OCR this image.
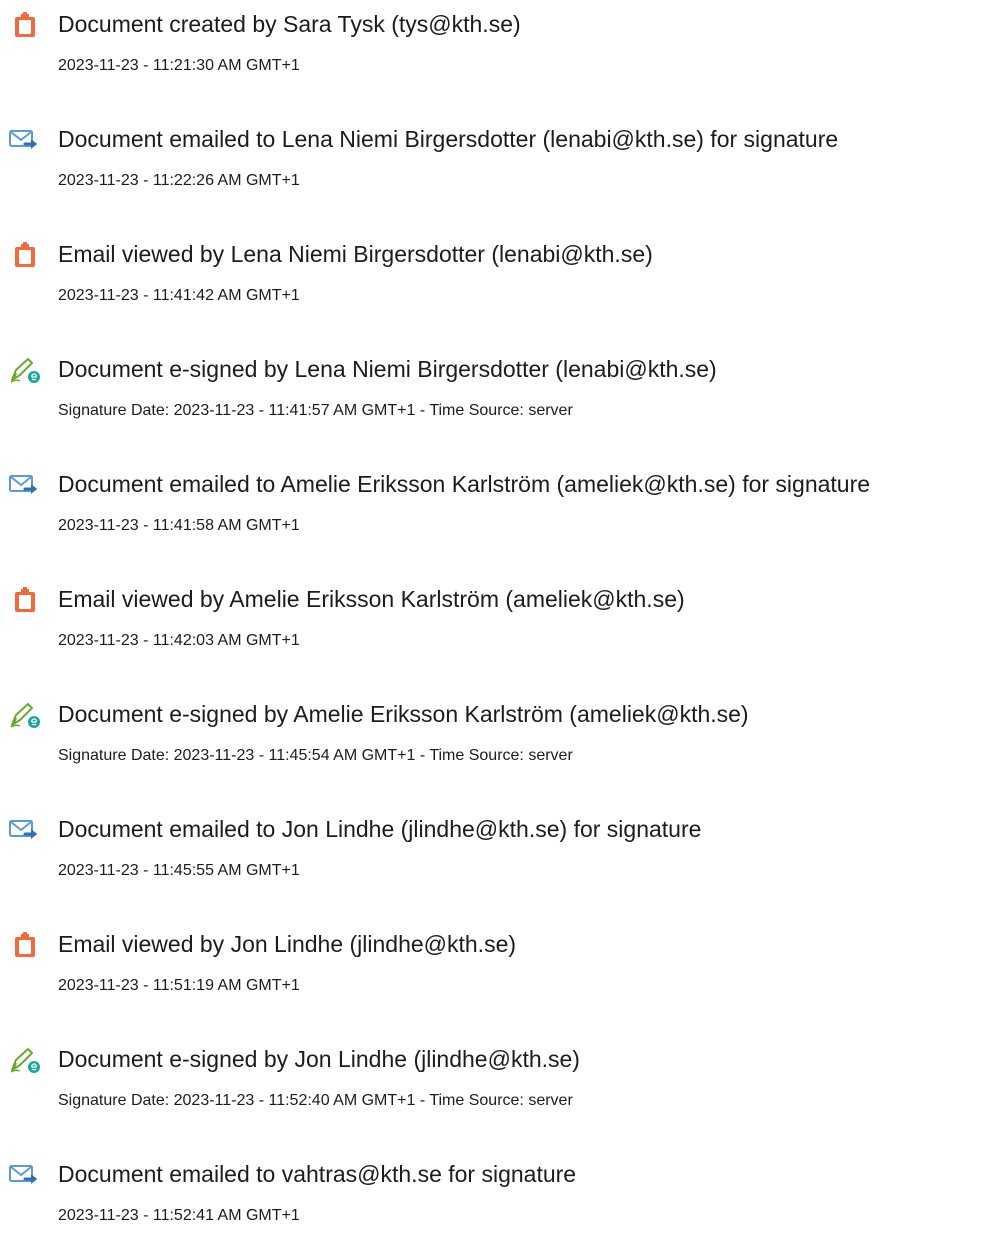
Document created by Sara Tysk (tys@kth.se)
2023-11-23 - 11:21:30 AM GMT+1
Document emailed to Lena Niemi Birgersdotter (lenabi@kth.se) for signature
2023-11-23 - 11:22:26 AM GMT+1
Email viewed by Lena Niemi Birgersdotter (lenabi@kth.se)
2023-11-23 - 11:41:42 AM GMT+1
Document e-signed by Lena Niemi Birgersdotter (lenabi@kth.se)
Signature Date: 2023-11-23 - 11:41:57 AM GMT+1 - Time Source: server
Document emailed to Amelie Eriksson Karlström (ameliek@kth.se) for signature
2023-11-23 - 11:41:58 AM GMT+1
Email viewed by Amelie Eriksson Karlström (ameliek@kth.se)
2023-11-23 - 11:42:03 AM GMT+1
Document e-signed by Amelie Eriksson Karlström (ameliek@kth.se)
Signature Date: 2023-11-23 - 11:45:54 AM GMT+1 - Time Source: server
Document emailed to Jon Lindhe (jlindhe@kth.se) for signature
2023-11-23 - 11:45:55 AM GMT+1
Email viewed by Jon Lindhe (jlindhe@kth.se)
2023-11-23 - 11:51:19 AM GMT+1
Document e-signed by Jon Lindhe (jlindhe@kth.se)
Signature Date: 2023-11-23 - 11:52:40 AM GMT+1 - Time Source: server
Document emailed to vahtras@kth.se for signature
2023-11-23 - 11:52:41 AM GMT+1
